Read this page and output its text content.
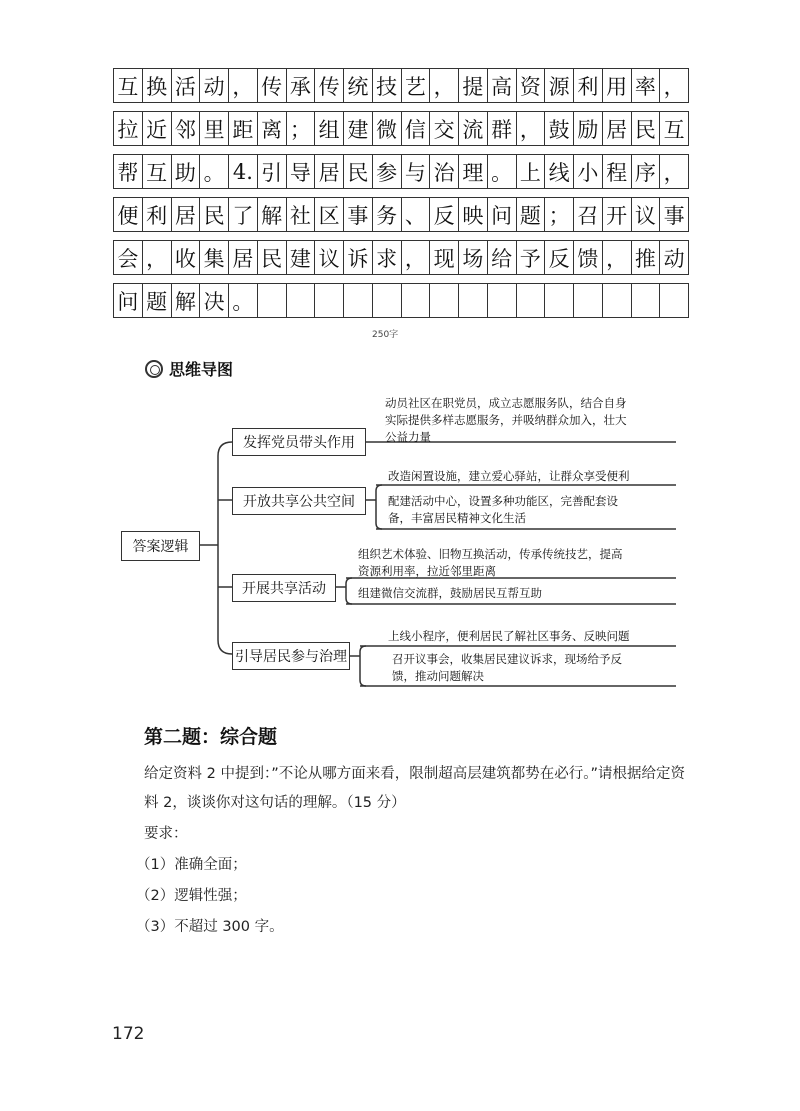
互 换 活 动 ， 传 承 传 统 技 艺 ， 提 高 资 源 利 用 率 ，
拉 近 邻 里 距 离 ； 组 建 微 信 交 流 群 ， 鼓 励 居 民 互
帮 互 助 。 4. 引 导 居 民 参 与 治 理 。 上 线 小 程 序 ，
便 利 居 民 了 解 社 区 事 务 、 反 映 问 题 ； 召 开 议 事
会 ， 收 集 居 民 建 议 诉 求 ， 现 场 给 予 反 馈 ， 推 动
问 题 解 决 。
250字
思维导图
答案逻辑
发挥党员带头作用
动员社区在职党员，成立志愿服务队，结合自身
实际提供多样志愿服务，并吸纳群众加入，壮大
公益力量
开放共享公共空间
改造闲置设施，建立爱心驿站，让群众享受便利
配建活动中心，设置多种功能区，完善配套设
备，丰富居民精神文化生活
开展共享活动
组织艺术体验、旧物互换活动，传承传统技艺，提高
资源利用率，拉近邻里距离
组建微信交流群，鼓励居民互帮互助
引导居民参与治理
上线小程序，便利居民了解社区事务、反映问题
召开议事会，收集居民建议诉求，现场给予反
馈，推动问题解决
第二题：综合题
给定资料 2 中提到：”不论从哪方面来看，限制超高层建筑都势在必行。”请根据给定资
料 2，谈谈你对这句话的理解。（15 分）
要求：
（1）准确全面；
（2）逻辑性强；
（3）不超过 300 字。
172
